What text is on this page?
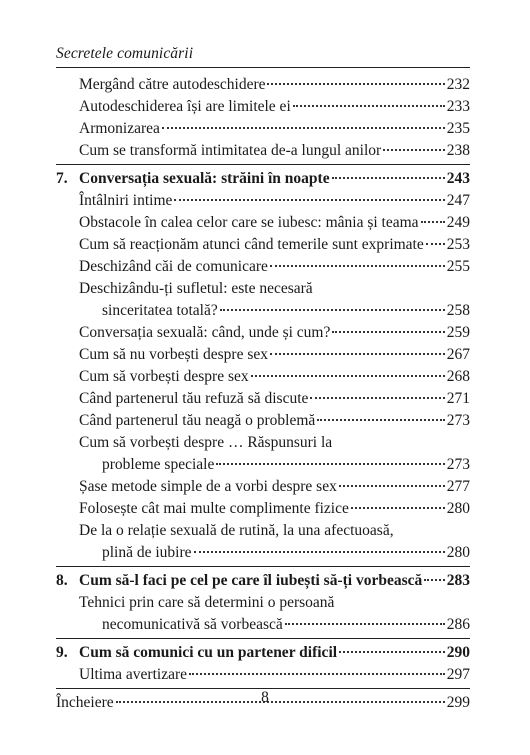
Secretele comunicării
Mergând către autodeschidere	232
Autodeschiderea își are limitele ei	233
Armonizarea	235
Cum se transformă intimitatea de-a lungul anilor	238
7. Conversația sexuală: străini în noapte	243
Întâlniri intime	247
Obstacole în calea celor care se iubesc: mânia și teama 249
Cum să reacționăm atunci când temerile sunt exprimate 253
Deschizând căi de comunicare	255
Deschizându-ți sufletul: este necesară
sinceritatea totală?	258
Conversația sexuală: când, unde și cum?	259
Cum să nu vorbești despre sex	267
Cum să vorbești despre sex	268
Când partenerul tău refuză să discute	271
Când partenerul tău neagă o problemă	273
Cum să vorbești despre … Răspunsuri la
probleme speciale	273
Șase metode simple de a vorbi despre sex	277
Folosește cât mai multe complimente fizice	280
De la o relație sexuală de rutină, la una afectuoasă,
plină de iubire	280
8. Cum să-l faci pe cel pe care îl iubești să-ți vorbească 283
Tehnici prin care să determini o persoană
necomunicativă să vorbească	286
9. Cum să comunici cu un partener dificil	290
Ultima avertizare	297
Încheiere	299
8
